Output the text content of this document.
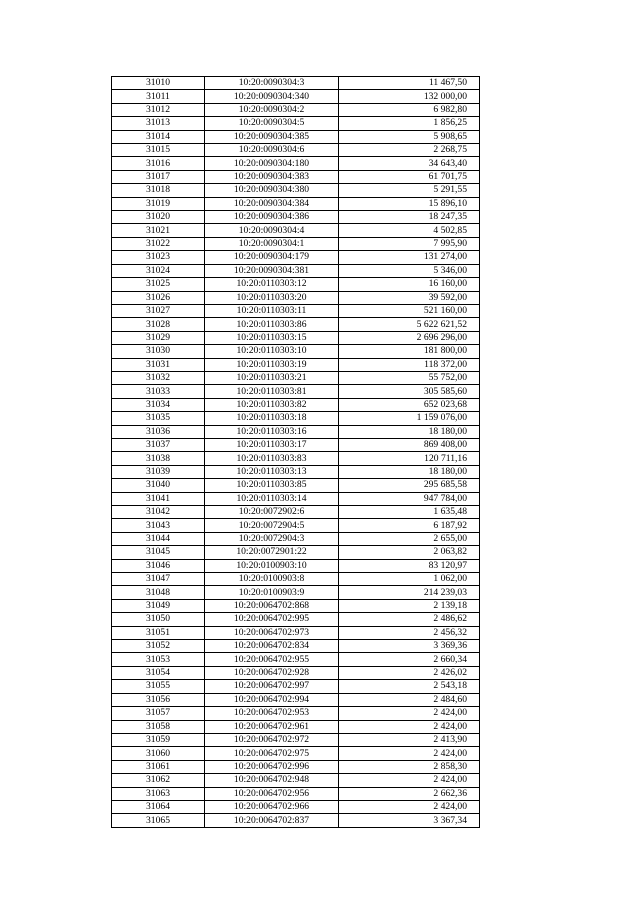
31010	10:20:0090304:3	11 467,50
31011	10:20:0090304:340	132 000,00
31012	10:20:0090304:2	6 982,80
31013	10:20:0090304:5	1 856,25
31014	10:20:0090304:385	5 908,65
31015	10:20:0090304:6	2 268,75
31016	10:20:0090304:180	34 643,40
31017	10:20:0090304:383	61 701,75
31018	10:20:0090304:380	5 291,55
31019	10:20:0090304:384	15 896,10
31020	10:20:0090304:386	18 247,35
31021	10:20:0090304:4	4 502,85
31022	10:20:0090304:1	7 995,90
31023	10:20:0090304:179	131 274,00
31024	10:20:0090304:381	5 346,00
31025	10:20:0110303:12	16 160,00
31026	10:20:0110303:20	39 592,00
31027	10:20:0110303:11	521 160,00
31028	10:20:0110303:86	5 622 621,52
31029	10:20:0110303:15	2 696 296,00
31030	10:20:0110303:10	181 800,00
31031	10:20:0110303:19	118 372,00
31032	10:20:0110303:21	55 752,00
31033	10:20:0110303:81	305 585,60
31034	10:20:0110303:82	652 023,68
31035	10:20:0110303:18	1 159 076,00
31036	10:20:0110303:16	18 180,00
31037	10:20:0110303:17	869 408,00
31038	10:20:0110303:83	120 711,16
31039	10:20:0110303:13	18 180,00
31040	10:20:0110303:85	295 685,58
31041	10:20:0110303:14	947 784,00
31042	10:20:0072902:6	1 635,48
31043	10:20:0072904:5	6 187,92
31044	10:20:0072904:3	2 655,00
31045	10:20:0072901:22	2 063,82
31046	10:20:0100903:10	83 120,97
31047	10:20:0100903:8	1 062,00
31048	10:20:0100903:9	214 239,03
31049	10:20:0064702:868	2 139,18
31050	10:20:0064702:995	2 486,62
31051	10:20:0064702:973	2 456,32
31052	10:20:0064702:834	3 369,36
31053	10:20:0064702:955	2 660,34
31054	10:20:0064702:928	2 426,02
31055	10:20:0064702:997	2 543,18
31056	10:20:0064702:994	2 484,60
31057	10:20:0064702:953	2 424,00
31058	10:20:0064702:961	2 424,00
31059	10:20:0064702:972	2 413,90
31060	10:20:0064702:975	2 424,00
31061	10:20:0064702:996	2 858,30
31062	10:20:0064702:948	2 424,00
31063	10:20:0064702:956	2 662,36
31064	10:20:0064702:966	2 424,00
31065	10:20:0064702:837	3 367,34
